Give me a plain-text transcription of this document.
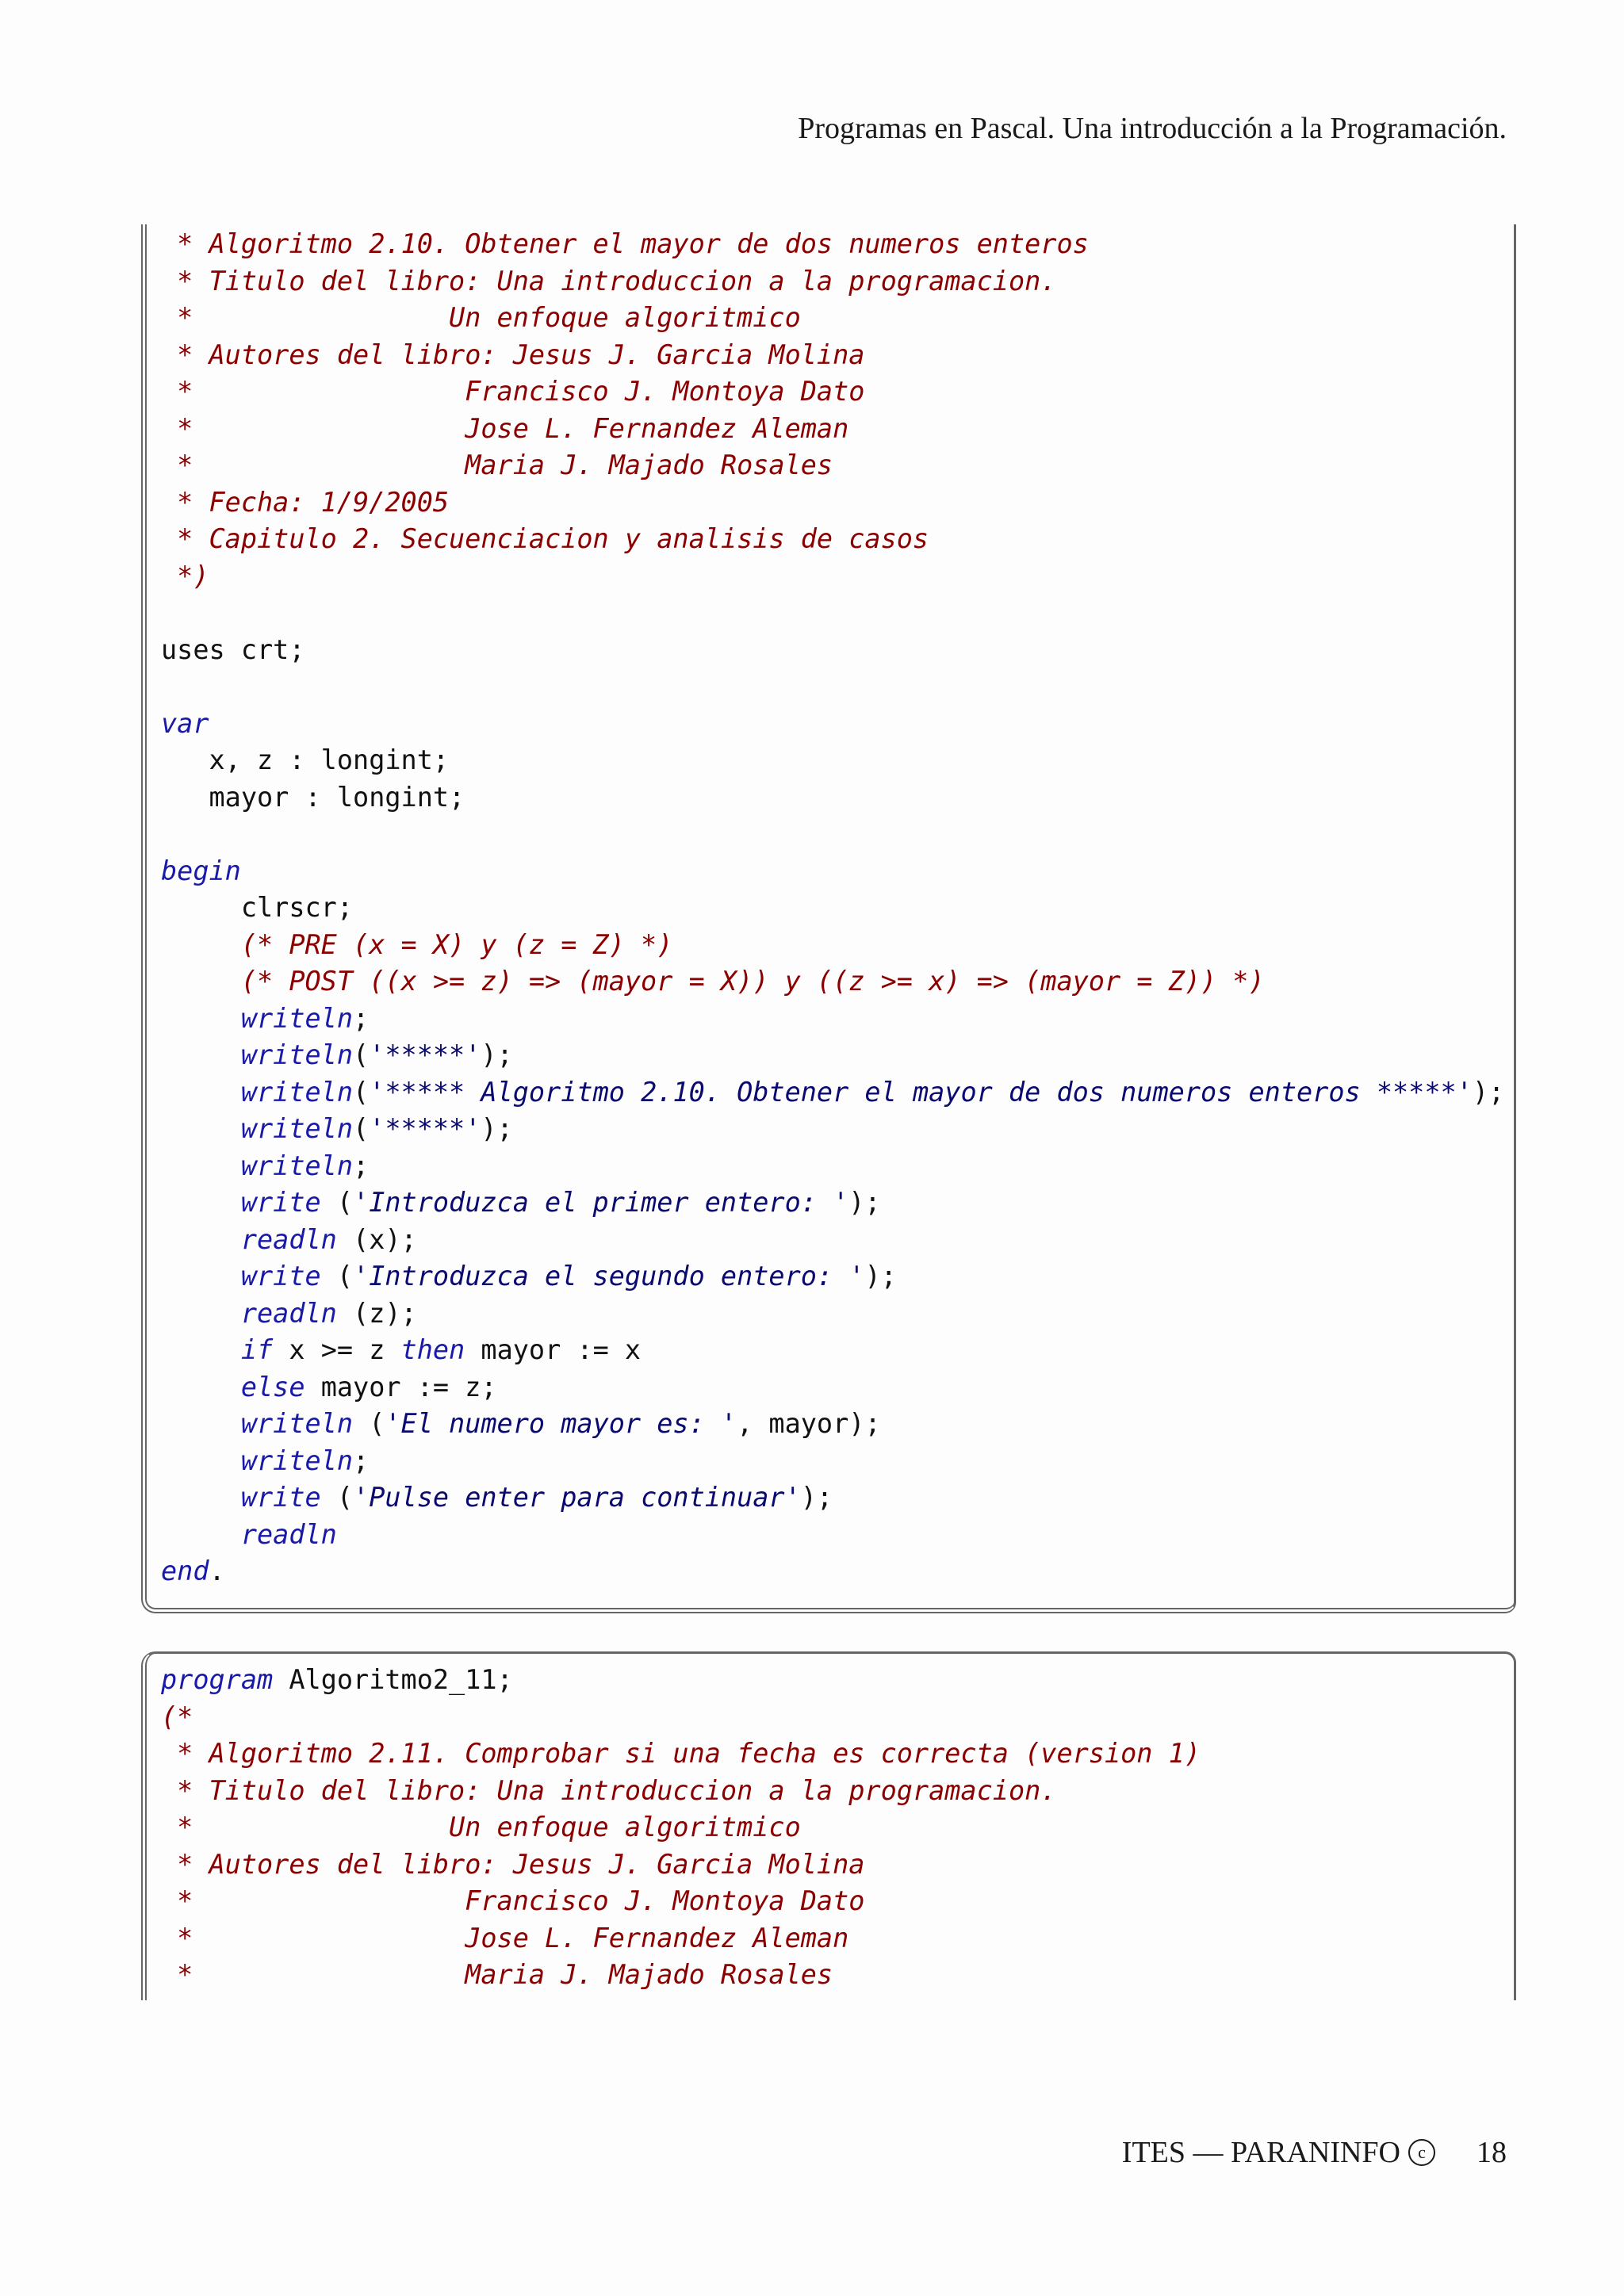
Programas en Pascal. Una introducción a la Programación.
* Algoritmo 2.10. Obtener el mayor de dos numeros enteros
* Titulo del libro: Una introduccion a la programacion.
*                Un enfoque algoritmico
* Autores del libro: Jesus J. Garcia Molina
*                 Francisco J. Montoya Dato
*                 Jose L. Fernandez Aleman
*                 Maria J. Majado Rosales
* Fecha: 1/9/2005
* Capitulo 2. Secuenciacion y analisis de casos
*)

uses crt;

var
x, z : longint;
mayor : longint;

begin
clrscr;
(* PRE (x = X) y (z = Z) *)
(* POST ((x >= z) => (mayor = X)) y ((z >= x) => (mayor = Z)) *)
writeln;
writeln('*****');
writeln('***** Algoritmo 2.10. Obtener el mayor de dos numeros enteros *****');
writeln('*****');
writeln;
write ('Introduzca el primer entero: ');
readln (x);
write ('Introduzca el segundo entero: ');
readln (z);
if x >= z then mayor := x
else mayor := z;
writeln ('El numero mayor es: ', mayor);
writeln;
write ('Pulse enter para continuar');
readln
end.
program Algoritmo2_11;
(*
* Algoritmo 2.11. Comprobar si una fecha es correcta (version 1)
* Titulo del libro: Una introduccion a la programacion.
*                Un enfoque algoritmico
* Autores del libro: Jesus J. Garcia Molina
*                 Francisco J. Montoya Dato
*                 Jose L. Fernandez Aleman
*                 Maria J. Majado Rosales
ITES — PARANINFO	c	18
